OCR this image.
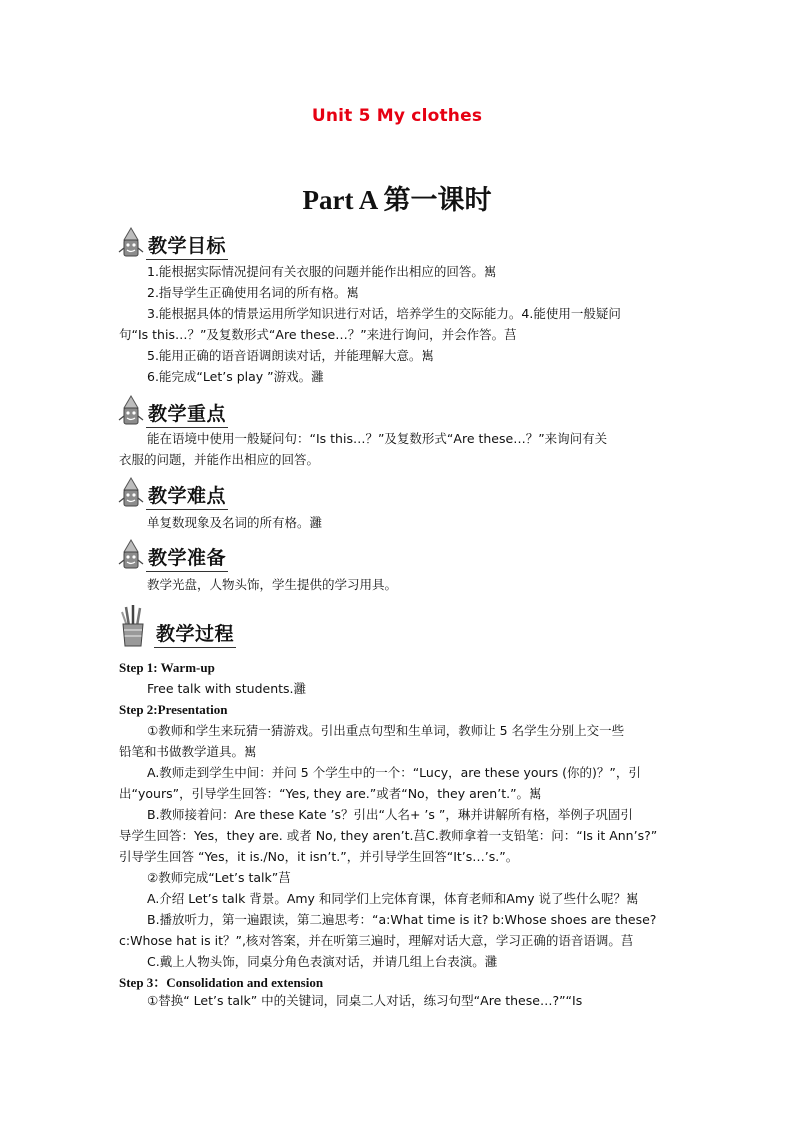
Unit 5 My clothes
Part A 第一课时
教学目标
1.能根据实际情况提问有关衣服的问题并能作出相应的回答。嶲
2.指导学生正确使用名词的所有格。嶲
3.能根据具体的情景运用所学知识进行对话，培养学生的交际能力。4.能使用一般疑问
句“Is this…？”及复数形式“Are these…？”来进行询问，并会作答。莒
5.能用正确的语音语调朗读对话，并能理解大意。嶲
6.能完成“Let’s play ”游戏。灉
教学重点
能在语境中使用一般疑问句：“Is this…？”及复数形式“Are these…？”来询问有关
衣服的问题，并能作出相应的回答。
教学难点
单复数现象及名词的所有格。灉
教学准备
教学光盘，人物头饰，学生提供的学习用具。
教学过程
Step 1: Warm-up
Free talk with students.灉
Step 2:Presentation
①教师和学生来玩猜一猜游戏。引出重点句型和生单词，教师让 5 名学生分别上交一些
铅笔和书做教学道具。嶲
A.教师走到学生中间：并问 5 个学生中的一个：“Lucy，are these yours (你的)？”，引
出“yours”，引导学生回答：“Yes, they are.”或者“No，they aren’t.”。嶲
B.教师接着问：Are these Kate ’s？引出“人名+ ’s ”，琳并讲解所有格，举例子巩固引
导学生回答：Yes，they are. 或者 No, they aren’t.莒C.教师拿着一支铅笔：问：“Is it Ann’s?”
引导学生回答 “Yes，it is./No，it isn’t.”，并引导学生回答“It’s…’s.”。
②教师完成“Let’s talk”莒
A.介绍 Let’s talk 背景。Amy 和同学们上完体育课，体育老师和Amy 说了些什么呢？嶲
B.播放听力，第一遍跟读，第二遍思考：“a:What time is it? b:Whose shoes are these?
c:Whose hat is it？”,核对答案，并在听第三遍时，理解对话大意，学习正确的语音语调。莒
C.戴上人物头饰，同桌分角色表演对话，并请几组上台表演。灉
Step 3：Consolidation and extension
①替换“ Let’s talk” 中的关键词，同桌二人对话，练习句型“Are these…?”“Is
